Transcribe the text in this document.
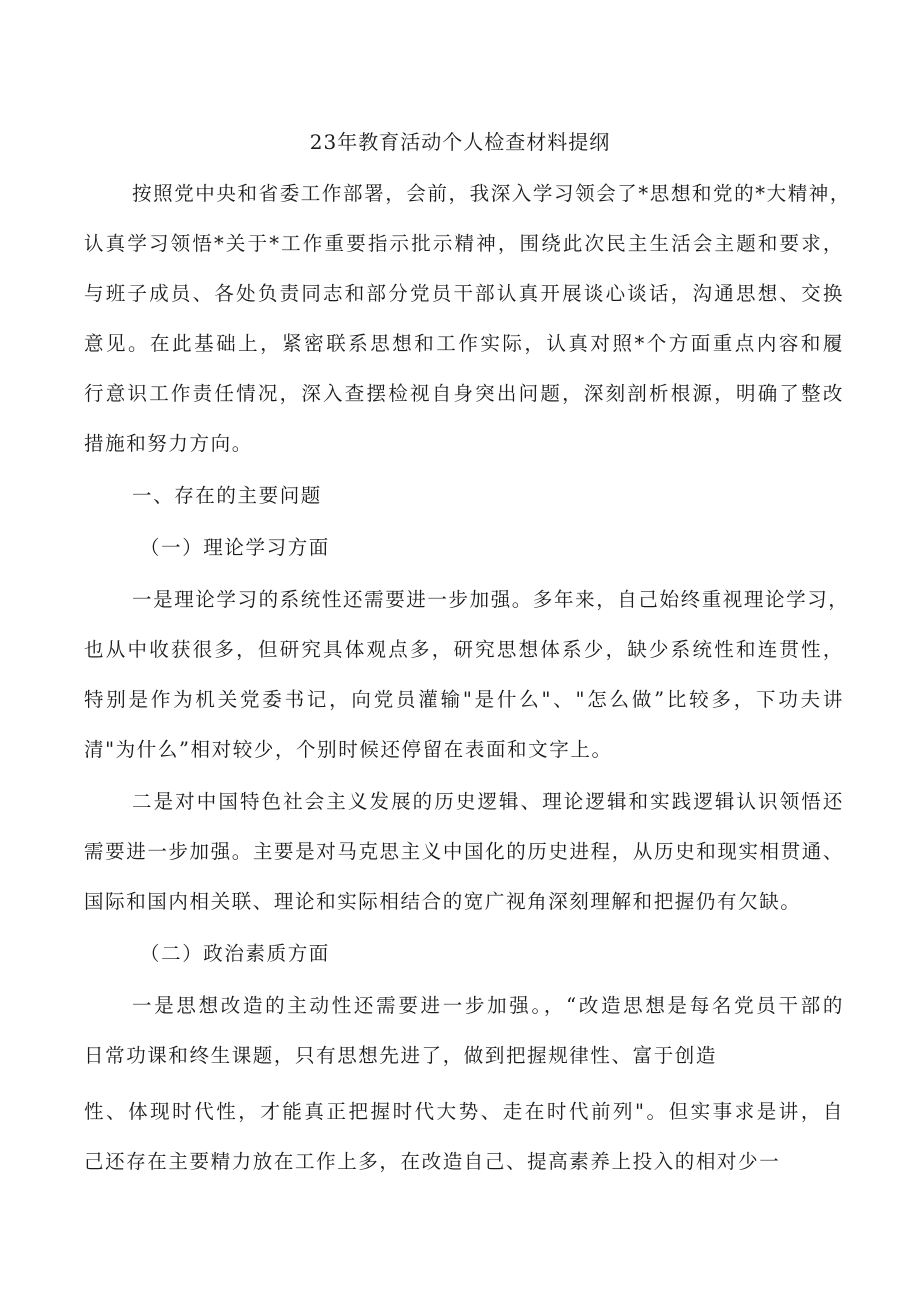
23年教育活动个人检查材料提纲
按照党中央和省委工作部署，会前，我深入学习领会了*思想和党的*大精神，
认真学习领悟*关于*工作重要指示批示精神，围绕此次民主生活会主题和要求，
与班子成员、各处负责同志和部分党员干部认真开展谈心谈话，沟通思想、交换
意见。在此基础上，紧密联系思想和工作实际，认真对照*个方面重点内容和履
行意识工作责任情况，深入查摆检视自身突出问题，深刻剖析根源，明确了整改
措施和努力方向。
一、存在的主要问题
（一）理论学习方面
一是理论学习的系统性还需要进一步加强。多年来，自己始终重视理论学习，
也从中收获很多，但研究具体观点多，研究思想体系少，缺少系统性和连贯性，
特别是作为机关党委书记，向党员灌输"是什么"、"怎么做”比较多，下功夫讲
清"为什么”相对较少，个别时候还停留在表面和文字上。
二是对中国特色社会主义发展的历史逻辑、理论逻辑和实践逻辑认识领悟还
需要进一步加强。主要是对马克思主义中国化的历史进程，从历史和现实相贯通、
国际和国内相关联、理论和实际相结合的宽广视角深刻理解和把握仍有欠缺。
（二）政治素质方面
一是思想改造的主动性还需要进一步加强。，“改造思想是每名党员干部的
日常功课和终生课题，只有思想先进了，做到把握规律性、富于创造
性、体现时代性，才能真正把握时代大势、走在时代前列"。但实事求是讲，自
己还存在主要精力放在工作上多，在改造自己、提高素养上投入的相对少一
